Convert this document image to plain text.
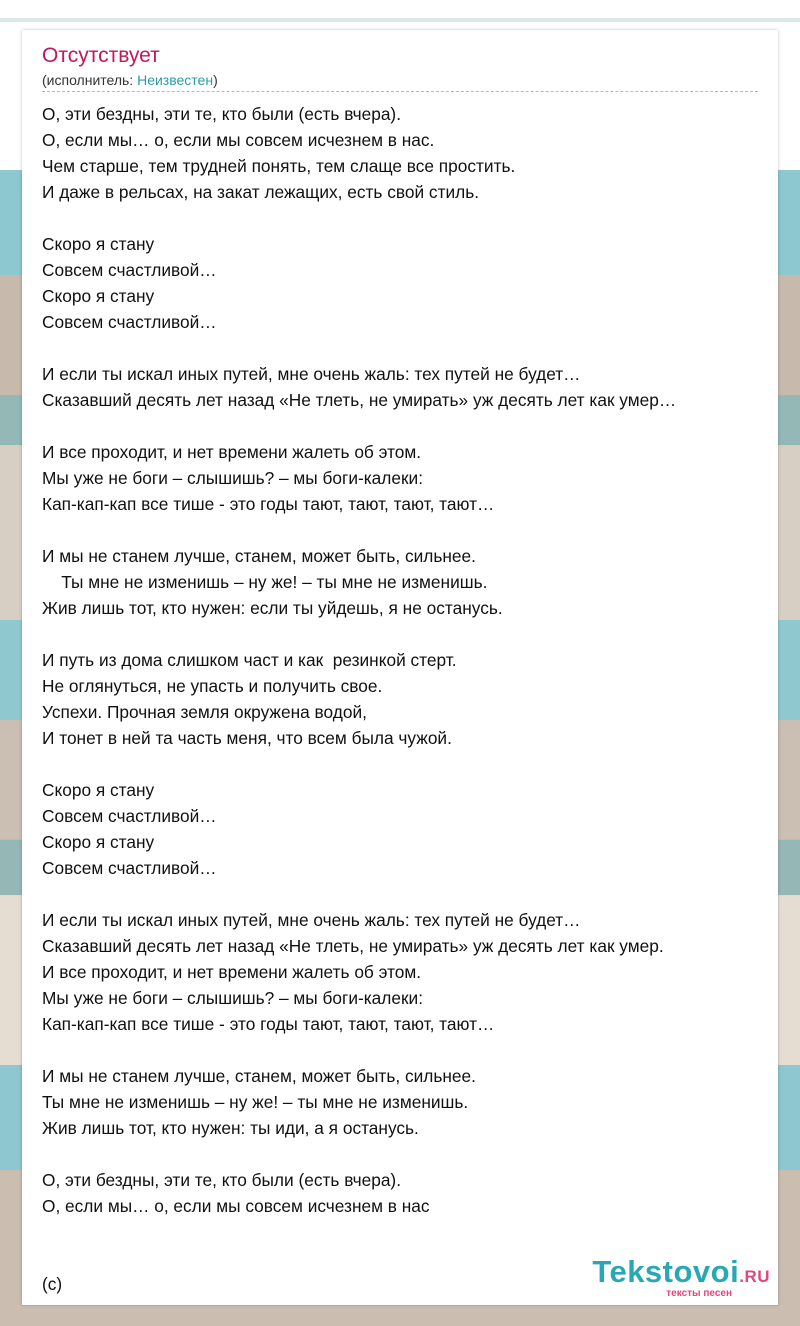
Отсутствует
(исполнитель: Неизвестен)
О, эти бездны, эти те, кто были (есть вчера).
О, если мы… о, если мы совсем исчезнем в нас.
Чем старше, тем трудней понять, тем слаще все простить.
И даже в рельсах, на закат лежащих, есть свой стиль.
Скоро я стану
Совсем счастливой…
Скоро я стану
Совсем счастливой…
И если ты искал иных путей, мне очень жаль: тех путей не будет…
Сказавший десять лет назад «Не тлеть, не умирать» уж десять лет как умер…
И все проходит, и нет времени жалеть об этом.
Мы уже не боги – слышишь? – мы боги-калеки:
Кап-кап-кап все тише - это годы тают, тают, тают, тают…
И мы не станем лучше, станем, может быть, сильнее.
Ты мне не изменишь – ну же! – ты мне не изменишь.
Жив лишь тот, кто нужен: если ты уйдешь, я не останусь.
И путь из дома слишком част и как  резинкой стерт.
Не оглянуться, не упасть и получить свое.
Успехи. Прочная земля окружена водой,
И тонет в ней та часть меня, что всем была чужой.
Скоро я стану
Совсем счастливой…
Скоро я стану
Совсем счастливой…
И если ты искал иных путей, мне очень жаль: тех путей не будет…
Сказавший десять лет назад «Не тлеть, не умирать» уж десять лет как умер.
И все проходит, и нет времени жалеть об этом.
Мы уже не боги – слышишь? – мы боги-калеки:
Кап-кап-кап все тише - это годы тают, тают, тают, тают…
И мы не станем лучше, станем, может быть, сильнее.
Ты мне не изменишь – ну же! – ты мне не изменишь.
Жив лишь тот, кто нужен: ты иди, а я останусь.
О, эти бездны, эти те, кто были (есть вчера).
О, если мы… о, если мы совсем исчезнем в нас
(c)	Tekstovoi.RU
тексты песен
